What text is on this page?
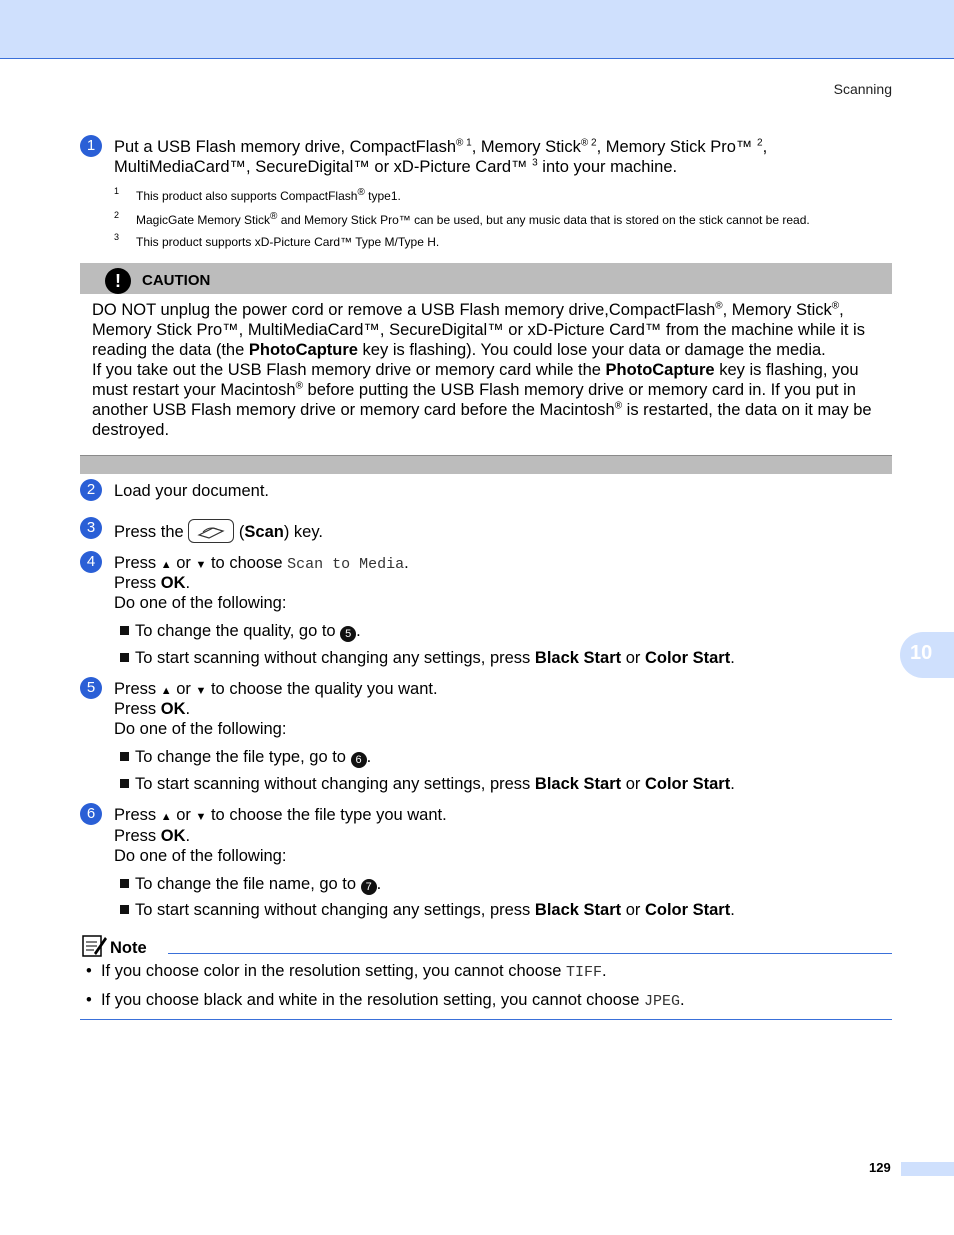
Scanning
1	Put a USB Flash memory drive, CompactFlash® $^1$, Memory Stick® $^2$, Memory Stick Pro™ $^2$,
MultiMediaCard™, SecureDigital™ or xD-Picture Card™ $^3$ into your machine.
1 This product also supports CompactFlash® type1.
2 MagicGate Memory Stick® and Memory Stick Pro™ can be used, but any music data that is stored on the stick cannot be read.
3 This product supports xD-Picture Card™ Type M/Type H.
!	CAUTION
DO NOT unplug the power cord or remove a USB Flash memory drive,CompactFlash®, Memory Stick®,
Memory Stick Pro™, MultiMediaCard™, SecureDigital™ or xD-Picture Card™ from the machine while it is
reading the data (the PhotoCapture key is flashing). You could lose your data or damage the media.
If you take out the USB Flash memory drive or memory card while the PhotoCapture key is flashing, you
must restart your Macintosh® before putting the USB Flash memory drive or memory card in. If you put in
another USB Flash memory drive or memory card before the Macintosh® is restarted, the data on it may be
destroyed.
2	Load your document.
3	Press the	(Scan) key.
4	Press ▲ or ▼ to choose Scan to Media.
Press OK.
Do one of the following:
To change the quality, go to 5 .
To start scanning without changing any settings, press Black Start or Color Start.
5	Press ▲ or ▼ to choose the quality you want.
Press OK.
Do one of the following:
To change the file type, go to 6 .
To start scanning without changing any settings, press Black Start or Color Start.
6	Press ▲ or ▼ to choose the file type you want.
Press OK.
Do one of the following:
To change the file name, go to 7 .
To start scanning without changing any settings, press Black Start or Color Start.
10
Note
•  If you choose color in the resolution setting, you cannot choose TIFF.
•  If you choose black and white in the resolution setting, you cannot choose JPEG.
129
